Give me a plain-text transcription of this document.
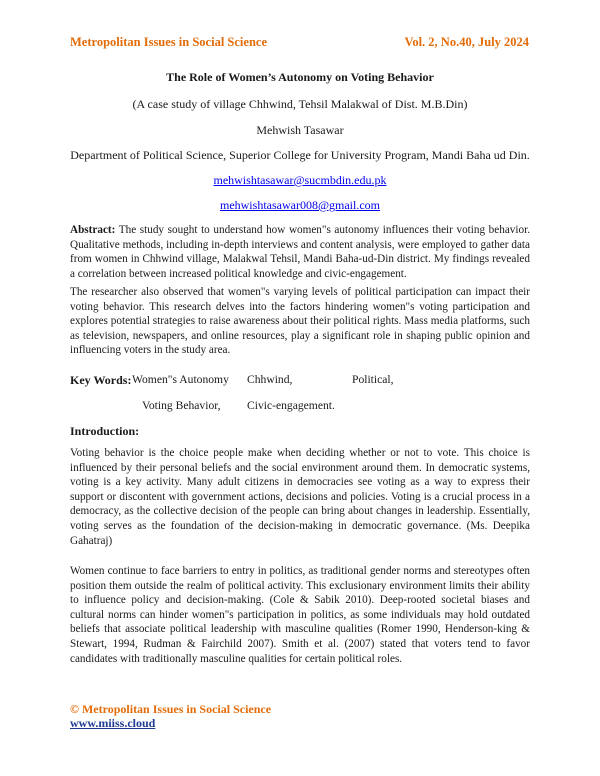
Metropolitan Issues in Social Science	Vol. 2, No.40, July 2024
The Role of Women’s Autonomy on Voting Behavior
(A case study of village Chhwind, Tehsil Malakwal of Dist. M.B.Din)
Mehwish Tasawar
Department of Political Science, Superior College for University Program, Mandi Baha ud Din.
mehwishtasawar@sucmbdin.edu.pk
mehwishtasawar008@gmail.com

Abstract: The study sought to understand how women"s autonomy influences their voting behavior. Qualitative methods, including in-depth interviews and content analysis, were employed to gather data from women in Chhwind village, Malakwal Tehsil, Mandi Baha-ud-Din district. My findings revealed a correlation between increased political knowledge and civic-engagement.

The researcher also observed that women"s varying levels of political participation can impact their voting behavior. This research delves into the factors hindering women"s voting participation and explores potential strategies to raise awareness about their political rights. Mass media platforms, such as television, newspapers, and online resources, play a significant role in shaping public opinion and influencing voters in the study area.

Key Words: Women"s Autonomy Chhwind,	Political,
Voting Behavior, Civic-engagement.
Introduction:

Voting behavior is the choice people make when deciding whether or not to vote. This choice is influenced by their personal beliefs and the social environment around them. In democratic systems, voting is a key activity. Many adult citizens in democracies see voting as a way to express their support or discontent with government actions, decisions and policies. Voting is a crucial process in a democracy, as the collective decision of the people can bring about changes in leadership. Essentially, voting serves as the foundation of the decision-making in democratic governance. (Ms. Deepika Gahatraj)

Women continue to face barriers to entry in politics, as traditional gender norms and stereotypes often position them outside the realm of political activity. This exclusionary environment limits their ability to influence policy and decision-making. (Cole & Sabik 2010). Deep-rooted societal biases and cultural norms can hinder women"s participation in politics, as some individuals may hold outdated beliefs that associate political leadership with masculine qualities (Romer 1990, Henderson-king & Stewart, 1994, Rudman & Fairchild 2007). Smith et al. (2007) stated that voters tend to favor candidates with traditionally masculine qualities for certain political roles.

© Metropolitan Issues in Social Science
www.miiss.cloud
